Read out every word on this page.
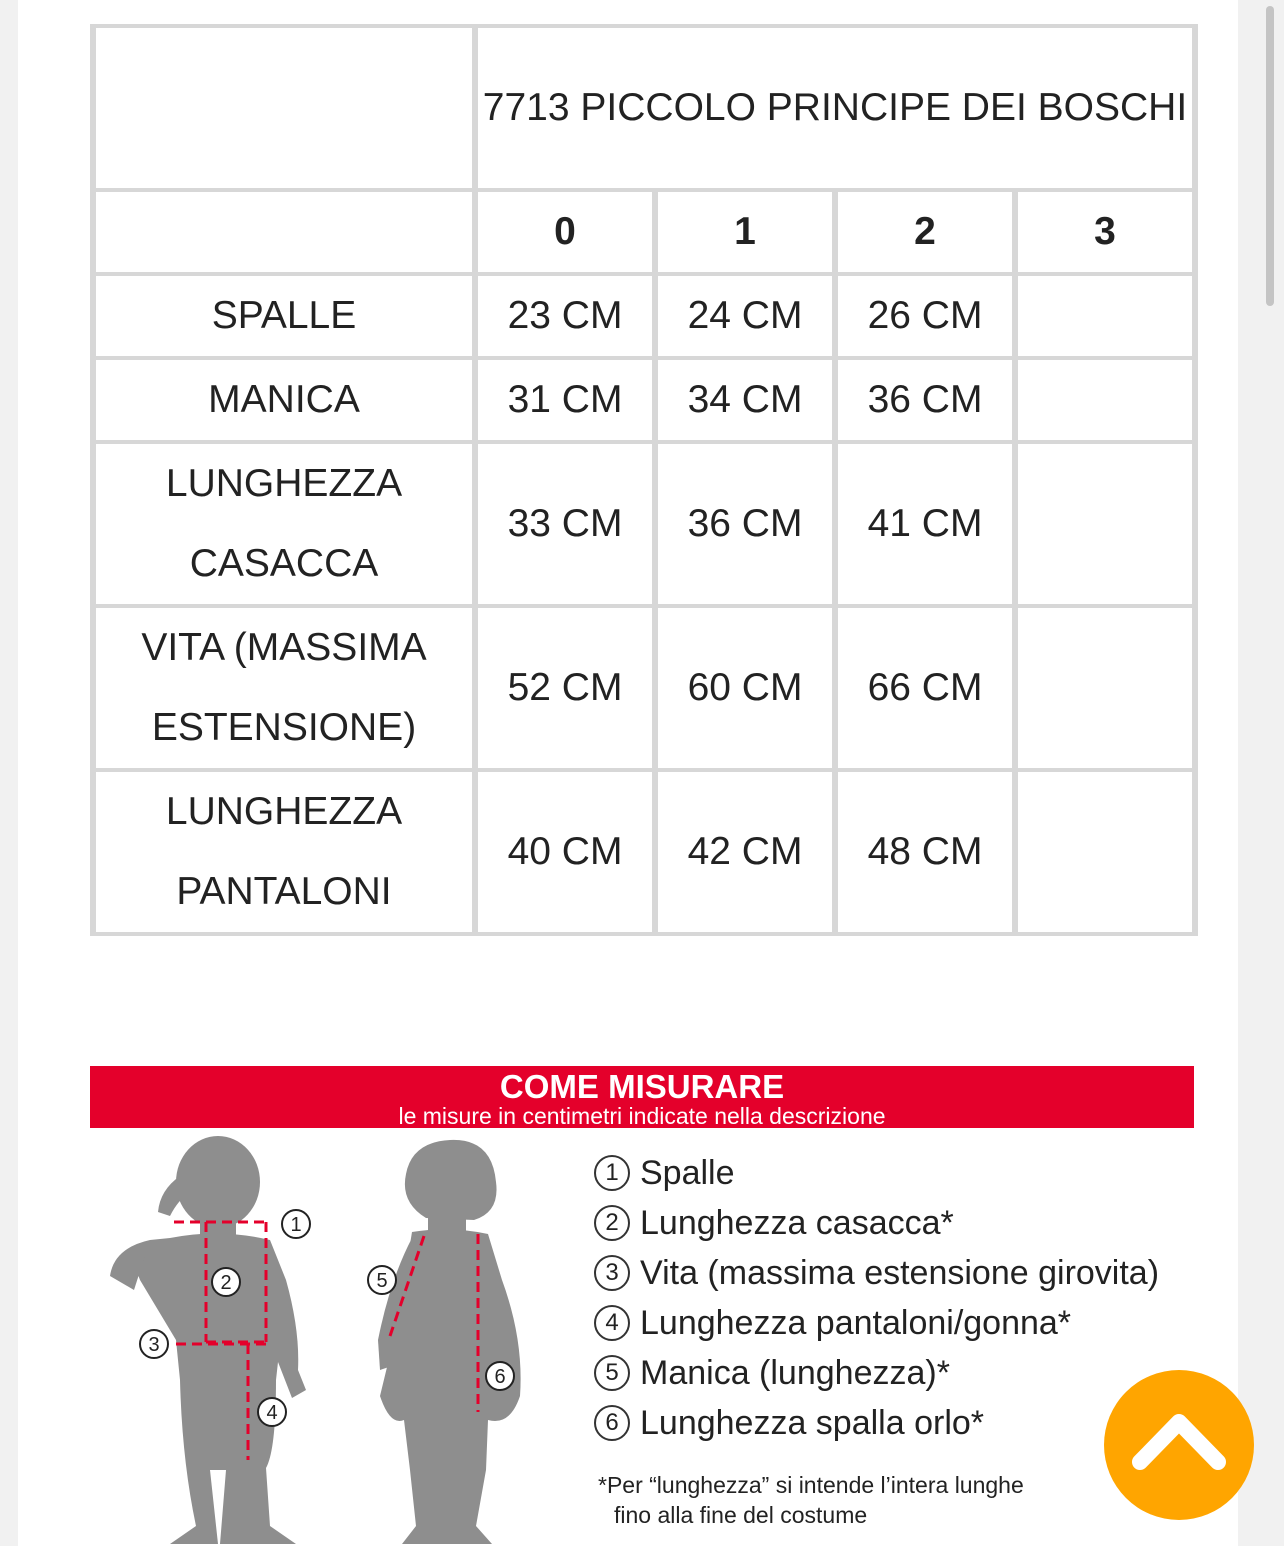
	7713 PICCOLO PRINCIPE DEI BOSCHI			
	0	1	2	3
SPALLE	23 CM	24 CM	26 CM	
MANICA	31 CM	34 CM	36 CM	
LUNGHEZZA CASACCA	33 CM	36 CM	41 CM	
VITA (MASSIMA ESTENSIONE)	52 CM	60 CM	66 CM	
LUNGHEZZA PANTALONI	40 CM	42 CM	48 CM	
COME MISURARE
le misure in centimetri indicate nella descrizione
1
2
3
4
5
6
1 Spalle
2 Lunghezza casacca*
3 Vita (massima estensione girovita)
4 Lunghezza pantaloni/gonna*
5 Manica (lunghezza)*
6 Lunghezza spalla orlo*
*Per “lunghezza” si intende l’intera lunghe
fino alla fine del costume
